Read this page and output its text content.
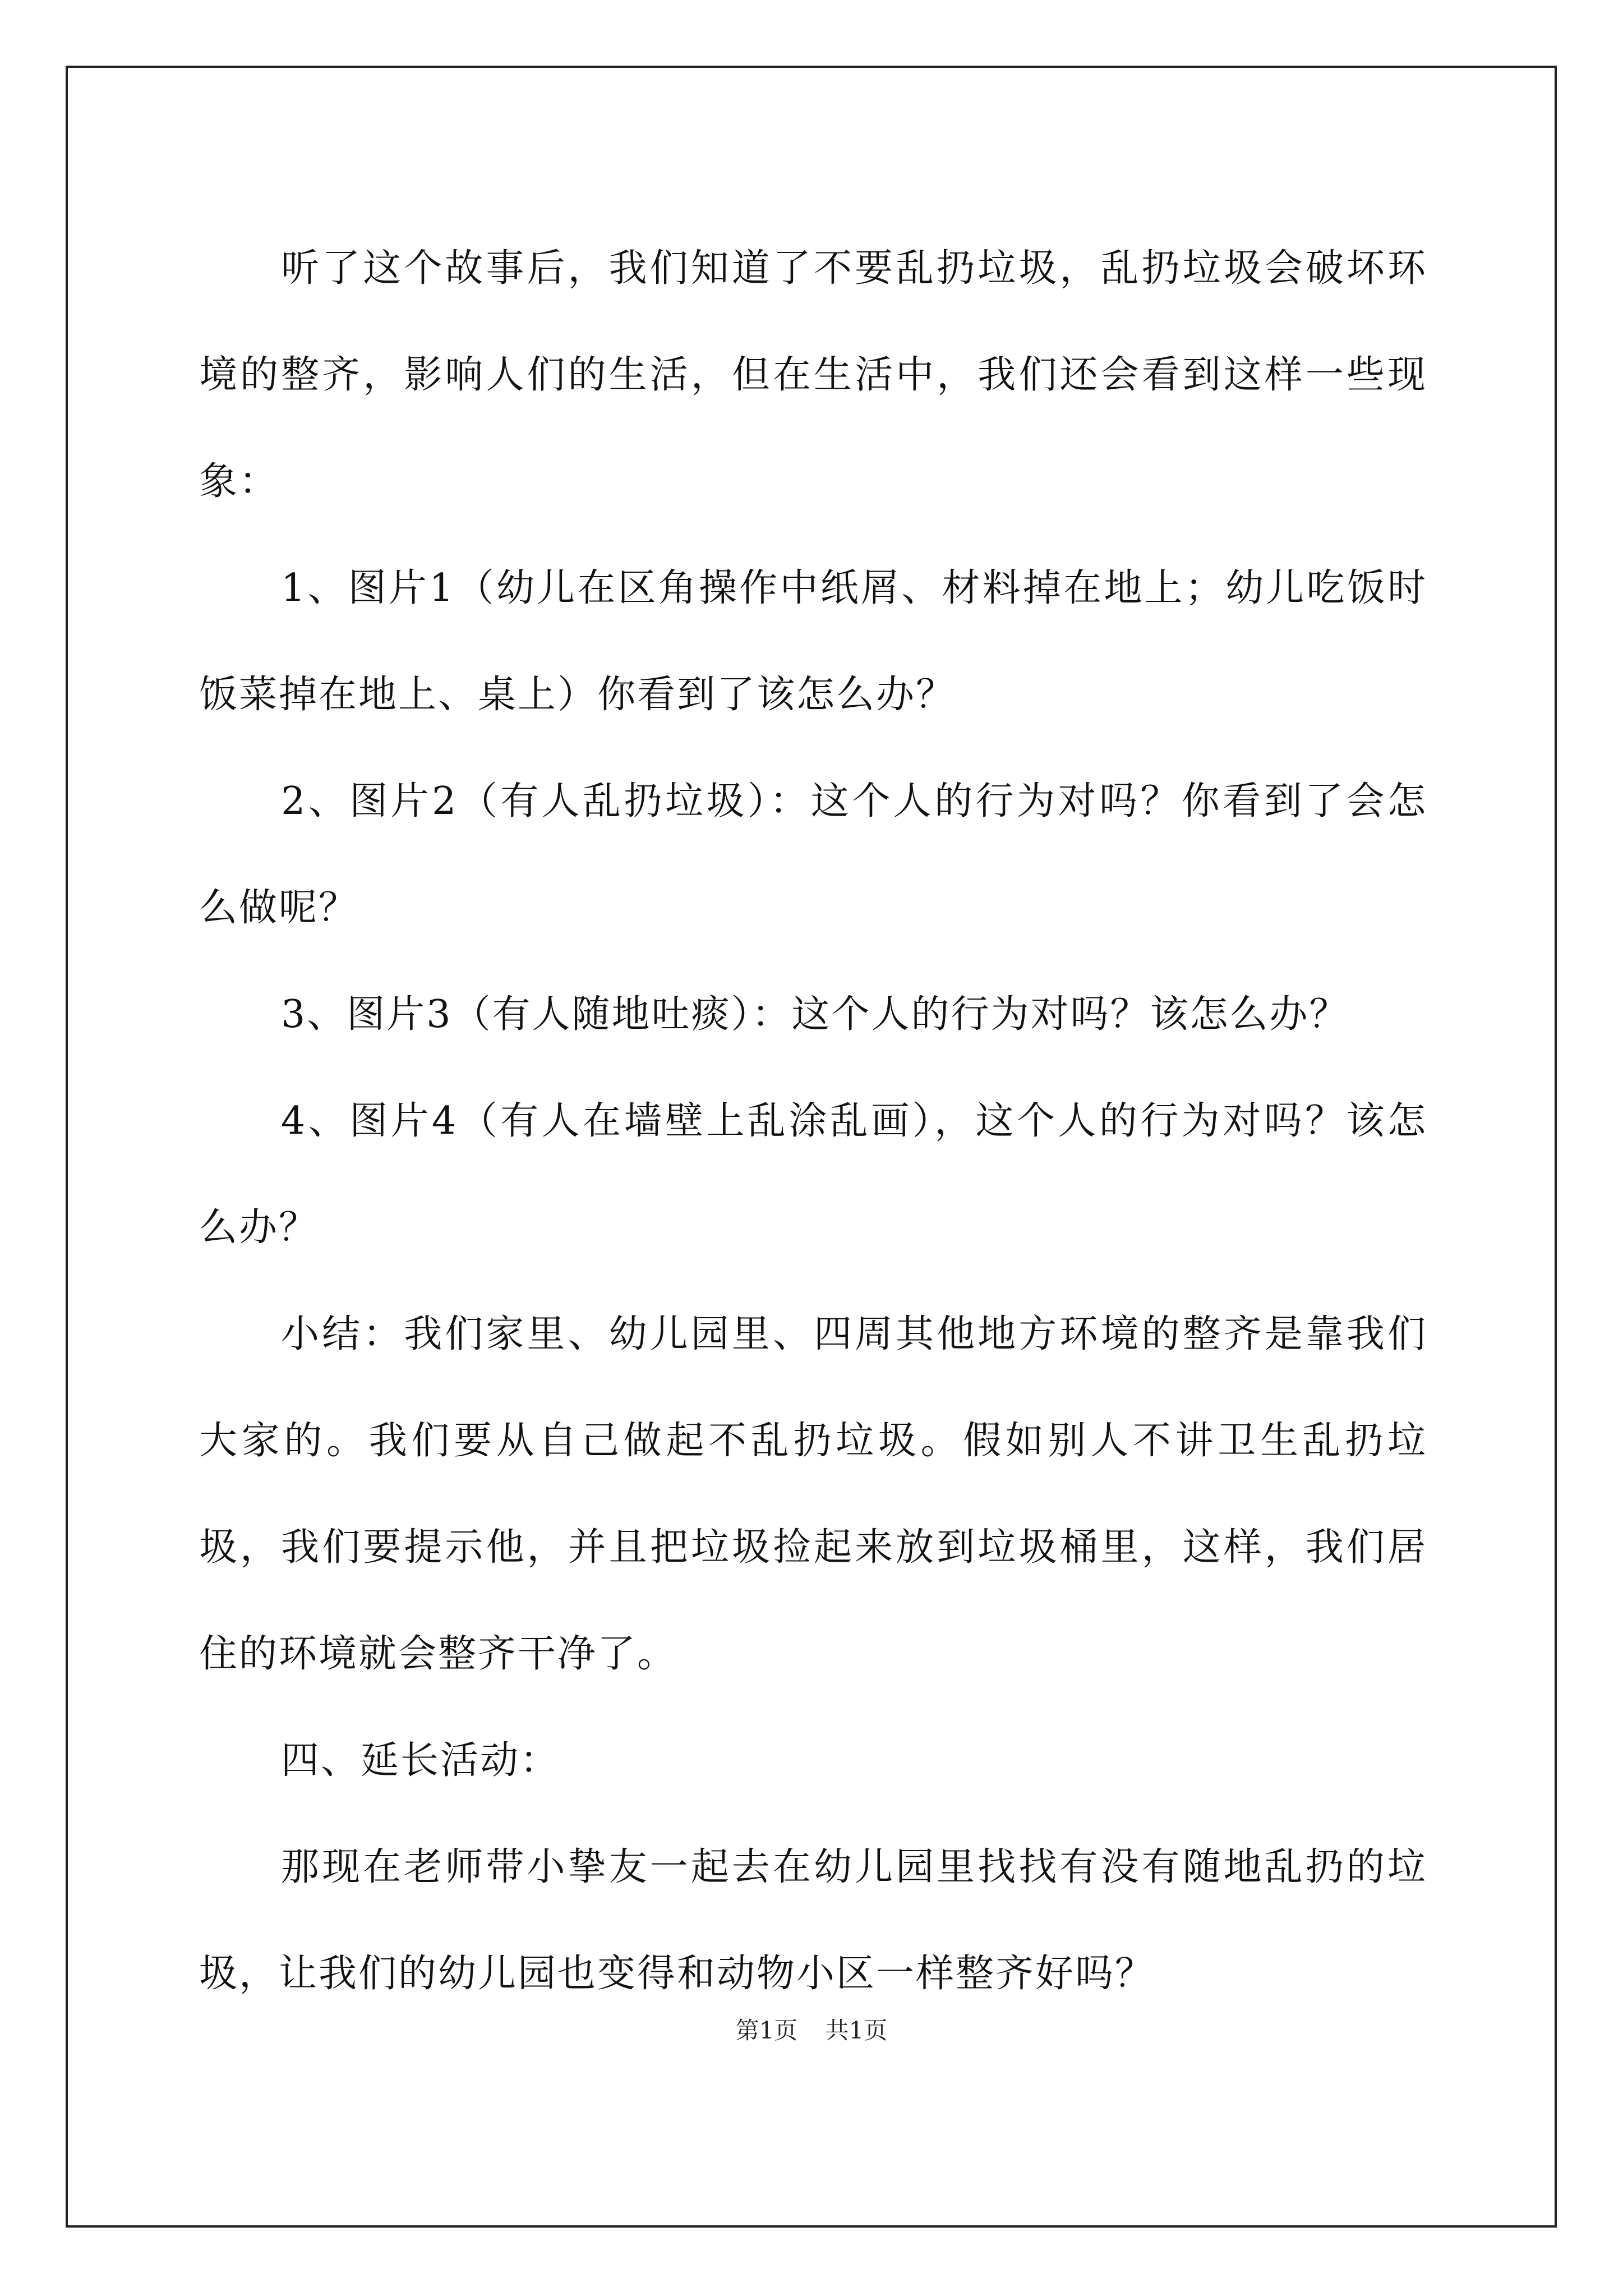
听了这个故事后，我们知道了不要乱扔垃圾，乱扔垃圾会破坏环境的整齐，影响人们的生活，但在生活中，我们还会看到这样一些现象：

1、图片1（幼儿在区角操作中纸屑、材料掉在地上；幼儿吃饭时饭菜掉在地上、桌上）你看到了该怎么办？

2、图片2（有人乱扔垃圾）：这个人的行为对吗？你看到了会怎么做呢？

3、图片3（有人随地吐痰）：这个人的行为对吗？该怎么办？

4、图片4（有人在墙壁上乱涂乱画），这个人的行为对吗？该怎么办？

小结：我们家里、幼儿园里、四周其他地方环境的整齐是靠我们大家的。我们要从自己做起不乱扔垃圾。假如别人不讲卫生乱扔垃圾，我们要提示他，并且把垃圾捡起来放到垃圾桶里，这样，我们居住的环境就会整齐干净了。

四、延长活动：

那现在老师带小挚友一起去在幼儿园里找找有没有随地乱扔的垃圾，让我们的幼儿园也变得和动物小区一样整齐好吗？

第1页 共1页
